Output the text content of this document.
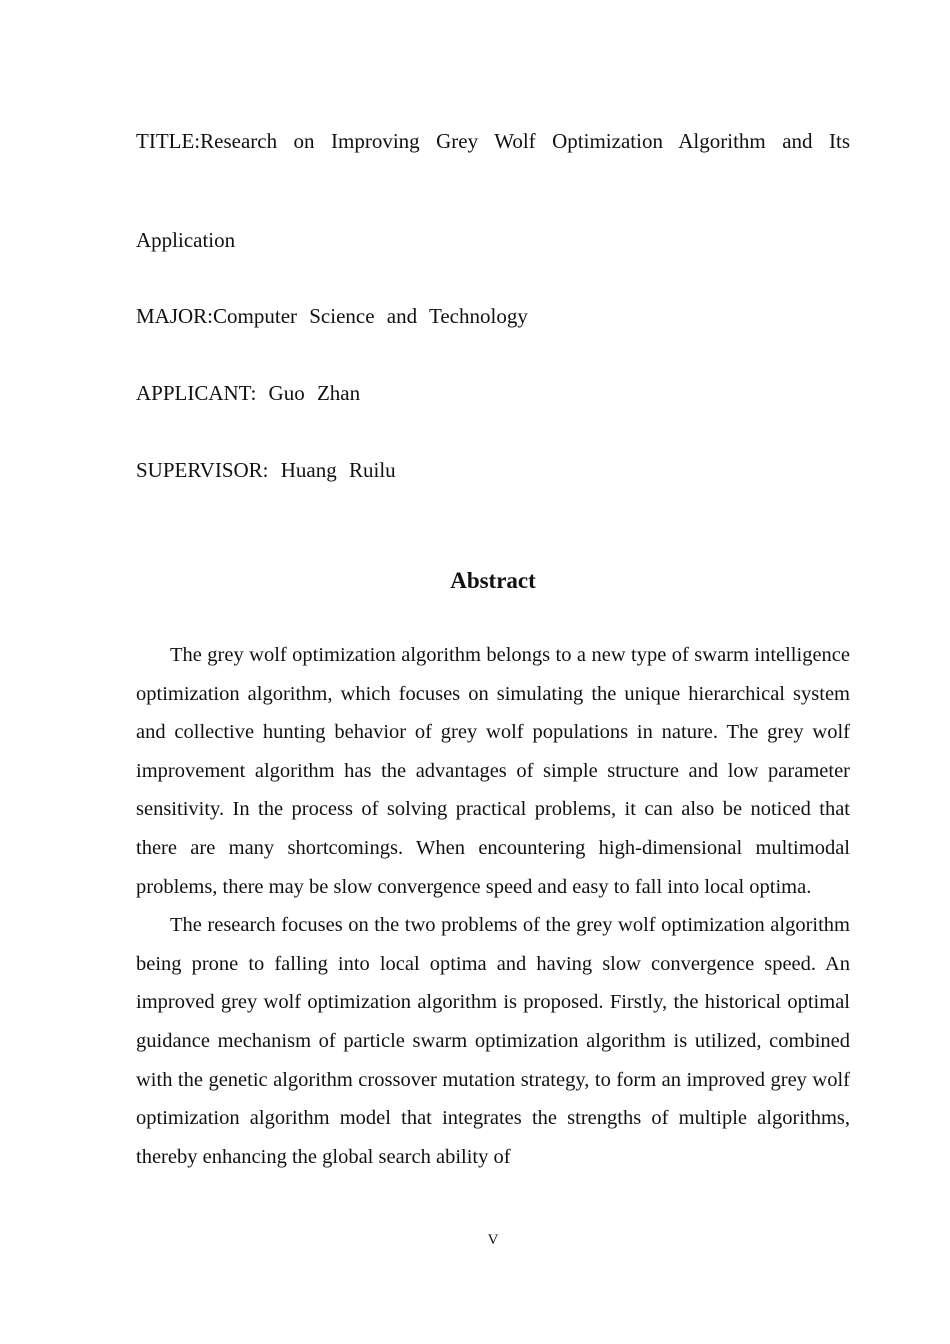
TITLE:Research on Improving Grey Wolf Optimization Algorithm and Its
Application
MAJOR:Computer Science and Technology
APPLICANT: Guo Zhan
SUPERVISOR: Huang Ruilu
Abstract

The grey wolf optimization algorithm belongs to a new type of swarm intelligence optimization algorithm, which focuses on simulating the unique hierarchical system and collective hunting behavior of grey wolf populations in nature. The grey wolf improvement algorithm has the advantages of simple structure and low parameter sensitivity. In the process of solving practical problems, it can also be noticed that there are many shortcomings. When encountering high-dimensional multimodal problems, there may be slow convergence speed and easy to fall into local optima.

The research focuses on the two problems of the grey wolf optimization algorithm being prone to falling into local optima and having slow convergence speed. An improved grey wolf optimization algorithm is proposed. Firstly, the historical optimal guidance mechanism of particle swarm optimization algorithm is utilized, combined with the genetic algorithm crossover mutation strategy, to form an improved grey wolf optimization algorithm model that integrates the strengths of multiple algorithms, thereby enhancing the global search ability of

V
